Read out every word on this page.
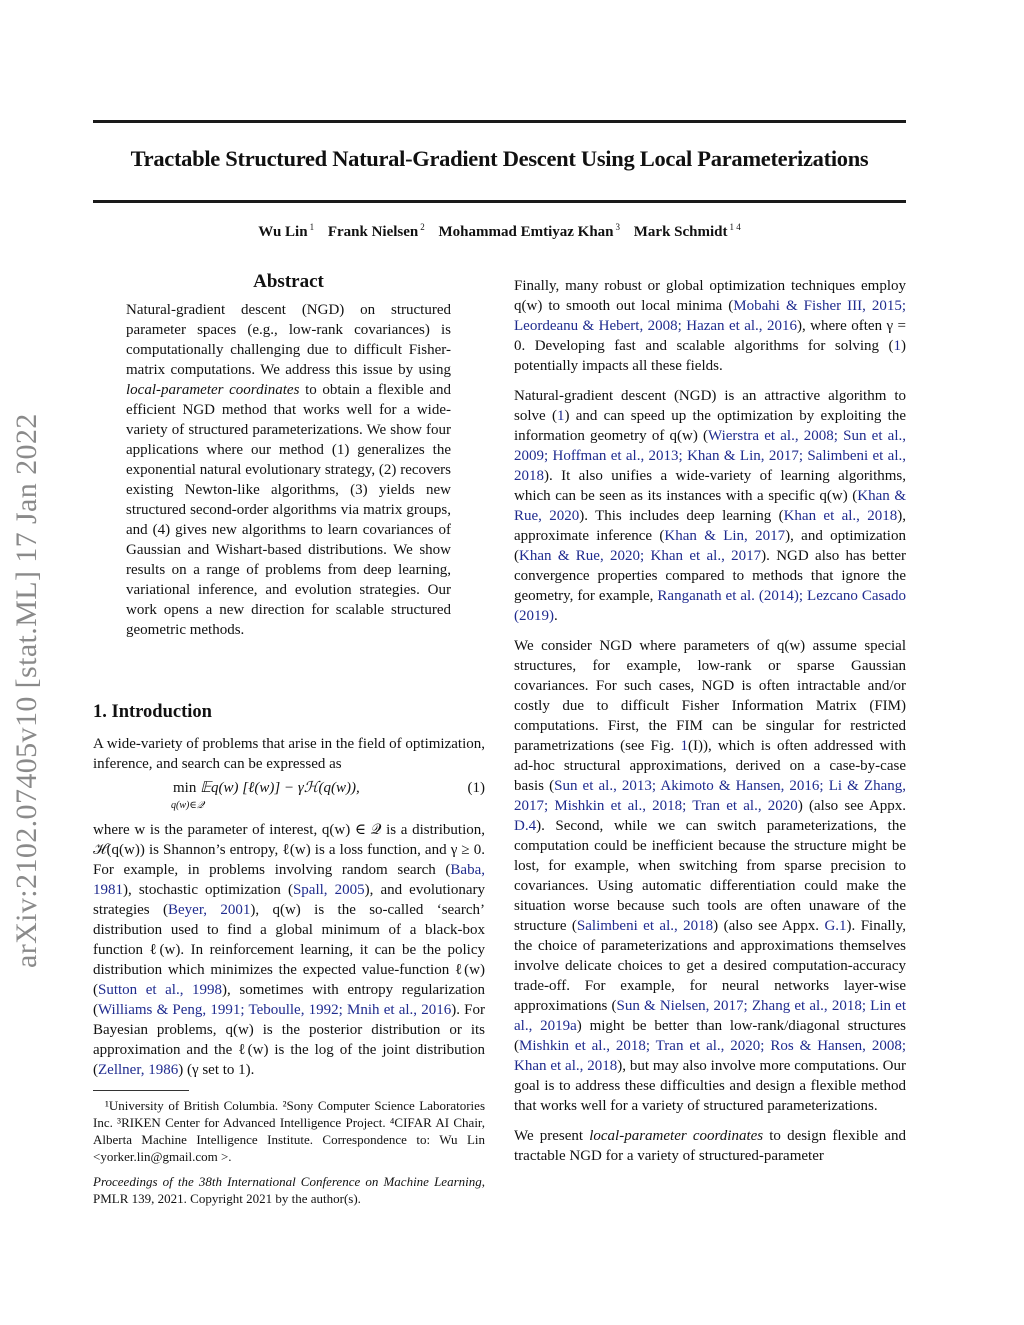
Tractable Structured Natural-Gradient Descent Using Local Parameterizations
Wu Lin $^1$ Frank Nielsen $^2$ Mohammad Emtiyaz Khan $^3$ Mark Schmidt $^{1 4}$
arXiv:2102.07405v10 [stat.ML] 17 Jan 2022
Abstract

Natural-gradient descent (NGD) on structured parameter spaces (e.g., low-rank covariances) is computationally challenging due to difficult Fisher-matrix computations. We address this issue by using local-parameter coordinates to obtain a flexible and efficient NGD method that works well for a wide-variety of structured parameterizations. We show four applications where our method (1) generalizes the exponential natural evolutionary strategy, (2) recovers existing Newton-like algorithms, (3) yields new structured second-order algorithms via matrix groups, and (4) gives new algorithms to learn covariances of Gaussian and Wishart-based distributions. We show results on a range of problems from deep learning, variational inference, and evolution strategies. Our work opens a new direction for scalable structured geometric methods.

1. Introduction

A wide-variety of problems that arise in the field of optimization, inference, and search can be expressed as

min 𝔼q(w) [ℓ(w)] − γℋ(q(w)),
q(w)∈𝒬
(1)

where w is the parameter of interest, q(w) ∈ 𝒬 is a distribution, ℋ(q(w)) is Shannon’s entropy, ℓ(w) is a loss function, and γ ≥ 0. For example, in problems involving random search (Baba, 1981), stochastic optimization (Spall, 2005), and evolutionary strategies (Beyer, 2001), q(w) is the so-called ‘search’ distribution used to find a global minimum of a black-box function ℓ(w). In reinforcement learning, it can be the policy distribution which minimizes the expected value-function ℓ(w) (Sutton et al., 1998), sometimes with entropy regularization (Williams & Peng, 1991; Teboulle, 1992; Mnih et al., 2016). For Bayesian problems, q(w) is the posterior distribution or its approximation and the ℓ(w) is the log of the joint distribution (Zellner, 1986) (γ set to 1).

¹University of British Columbia. ²Sony Computer Science Laboratories Inc. ³RIKEN Center for Advanced Intelligence Project. ⁴CIFAR AI Chair, Alberta Machine Intelligence Institute. Correspondence to: Wu Lin <yorker.lin@gmail.com >.
Proceedings of the 38th International Conference on Machine Learning, PMLR 139, 2021. Copyright 2021 by the author(s).

Finally, many robust or global optimization techniques employ q(w) to smooth out local minima (Mobahi & Fisher III, 2015; Leordeanu & Hebert, 2008; Hazan et al., 2016), where often γ = 0. Developing fast and scalable algorithms for solving (1) potentially impacts all these fields.

Natural-gradient descent (NGD) is an attractive algorithm to solve (1) and can speed up the optimization by exploiting the information geometry of q(w) (Wierstra et al., 2008; Sun et al., 2009; Hoffman et al., 2013; Khan & Lin, 2017; Salimbeni et al., 2018). It also unifies a wide-variety of learning algorithms, which can be seen as its instances with a specific q(w) (Khan & Rue, 2020). This includes deep learning (Khan et al., 2018), approximate inference (Khan & Lin, 2017), and optimization (Khan & Rue, 2020; Khan et al., 2017). NGD also has better convergence properties compared to methods that ignore the geometry, for example, Ranganath et al. (2014); Lezcano Casado (2019).

We consider NGD where parameters of q(w) assume special structures, for example, low-rank or sparse Gaussian covariances. For such cases, NGD is often intractable and/or costly due to difficult Fisher Information Matrix (FIM) computations. First, the FIM can be singular for restricted parametrizations (see Fig. 1(I)), which is often addressed with ad-hoc structural approximations, derived on a case-by-case basis (Sun et al., 2013; Akimoto & Hansen, 2016; Li & Zhang, 2017; Mishkin et al., 2018; Tran et al., 2020) (also see Appx. D.4). Second, while we can switch parameterizations, the computation could be inefficient because the structure might be lost, for example, when switching from sparse precision to covariances. Using automatic differentiation could make the situation worse because such tools are often unaware of the structure (Salimbeni et al., 2018) (also see Appx. G.1). Finally, the choice of parameterizations and approximations themselves involve delicate choices to get a desired computation-accuracy trade-off. For example, for neural networks layer-wise approximations (Sun & Nielsen, 2017; Zhang et al., 2018; Lin et al., 2019a) might be better than low-rank/diagonal structures (Mishkin et al., 2018; Tran et al., 2020; Ros & Hansen, 2008; Khan et al., 2018), but may also involve more computations. Our goal is to address these difficulties and design a flexible method that works well for a variety of structured parameterizations.

We present local-parameter coordinates to design flexible and tractable NGD for a variety of structured-parameter
